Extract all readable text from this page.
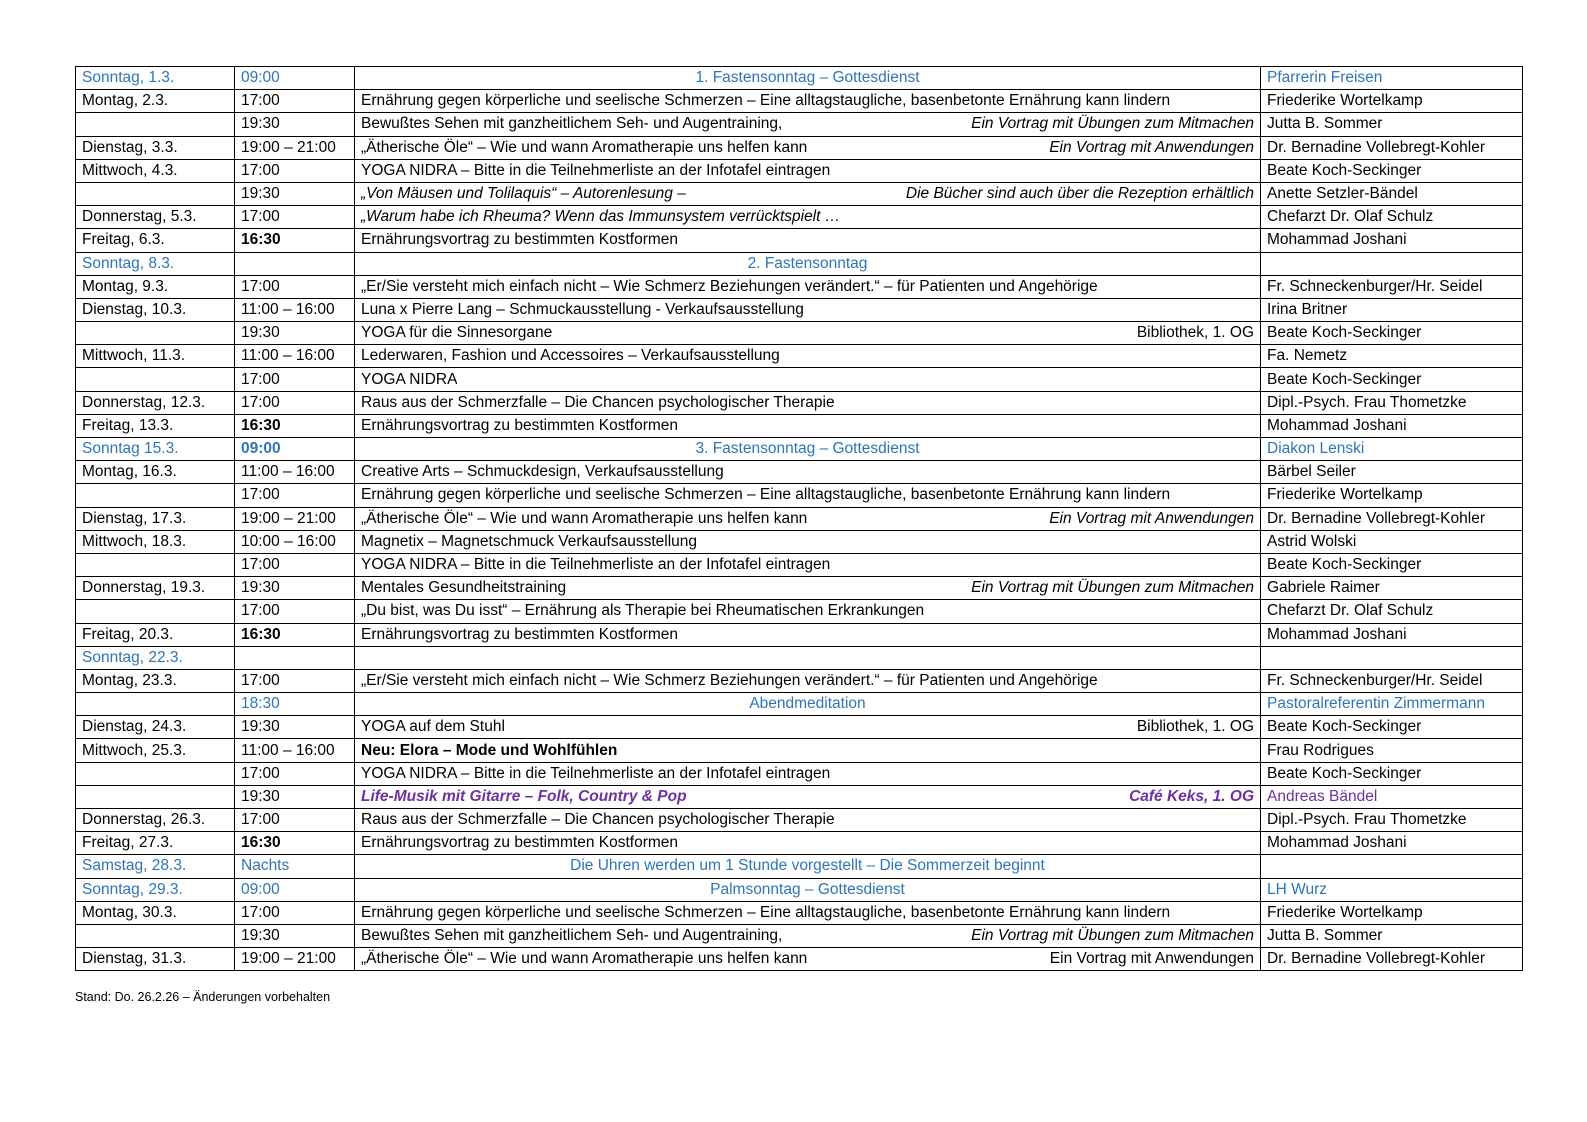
Sonntag, 1.3.	09:00	1. Fastensonntag – Gottesdienst	Pfarrerin Freisen
Montag, 2.3.	17:00	Ernährung gegen körperliche und seelische Schmerzen – Eine alltagstaugliche, basenbetonte Ernährung kann lindern	Friederike Wortelkamp
	19:30	Bewußtes Sehen mit ganzheitlichem Seh- und Augentraining, Ein Vortrag mit Übungen zum Mitmachen	Jutta B. Sommer
Dienstag, 3.3.	19:00 – 21:00	„Ätherische Öle“ – Wie und wann Aromatherapie uns helfen kann Ein Vortrag mit Anwendungen	Dr. Bernadine Vollebregt-Kohler
Mittwoch, 4.3.	17:00	YOGA NIDRA – Bitte in die Teilnehmerliste an der Infotafel eintragen	Beate Koch-Seckinger
	19:30	„Von Mäusen und Tolilaquis“ – Autorenlesung – Die Bücher sind auch über die Rezeption erhältlich	Anette Setzler-Bändel
Donnerstag, 5.3.	17:00	„Warum habe ich Rheuma? Wenn das Immunsystem verrücktspielt …	Chefarzt Dr. Olaf Schulz
Freitag, 6.3.	16:30	Ernährungsvortrag zu bestimmten Kostformen	Mohammad Joshani
Sonntag, 8.3.		2. Fastensonntag	
Montag, 9.3.	17:00	„Er/Sie versteht mich einfach nicht – Wie Schmerz Beziehungen verändert.“ – für Patienten und Angehörige	Fr. Schneckenburger/Hr. Seidel
Dienstag, 10.3.	11:00 – 16:00	Luna x Pierre Lang – Schmuckausstellung - Verkaufsausstellung	Irina Britner
	19:30	YOGA für die Sinnesorgane Bibliothek, 1. OG	Beate Koch-Seckinger
Mittwoch, 11.3.	11:00 – 16:00	Lederwaren, Fashion und Accessoires – Verkaufsausstellung	Fa. Nemetz
	17:00	YOGA NIDRA	Beate Koch-Seckinger
Donnerstag, 12.3.	17:00	Raus aus der Schmerzfalle – Die Chancen psychologischer Therapie	Dipl.-Psych. Frau Thometzke
Freitag, 13.3.	16:30	Ernährungsvortrag zu bestimmten Kostformen	Mohammad Joshani
Sonntag 15.3.	09:00	3. Fastensonntag – Gottesdienst	Diakon Lenski
Montag, 16.3.	11:00 – 16:00	Creative Arts – Schmuckdesign, Verkaufsausstellung	Bärbel Seiler
	17:00	Ernährung gegen körperliche und seelische Schmerzen – Eine alltagstaugliche, basenbetonte Ernährung kann lindern	Friederike Wortelkamp
Dienstag, 17.3.	19:00 – 21:00	„Ätherische Öle“ – Wie und wann Aromatherapie uns helfen kann Ein Vortrag mit Anwendungen	Dr. Bernadine Vollebregt-Kohler
Mittwoch, 18.3.	10:00 – 16:00	Magnetix – Magnetschmuck Verkaufsausstellung	Astrid Wolski
	17:00	YOGA NIDRA – Bitte in die Teilnehmerliste an der Infotafel eintragen	Beate Koch-Seckinger
Donnerstag, 19.3.	19:30	Mentales Gesundheitstraining Ein Vortrag mit Übungen zum Mitmachen	Gabriele Raimer
	17:00	„Du bist, was Du isst“ – Ernährung als Therapie bei Rheumatischen Erkrankungen	Chefarzt Dr. Olaf Schulz
Freitag, 20.3.	16:30	Ernährungsvortrag zu bestimmten Kostformen	Mohammad Joshani
Sonntag, 22.3.			
Montag, 23.3.	17:00	„Er/Sie versteht mich einfach nicht – Wie Schmerz Beziehungen verändert.“ – für Patienten und Angehörige	Fr. Schneckenburger/Hr. Seidel
	18:30	Abendmeditation	Pastoralreferentin Zimmermann
Dienstag, 24.3.	19:30	YOGA auf dem Stuhl Bibliothek, 1. OG	Beate Koch-Seckinger
Mittwoch, 25.3.	11:00 – 16:00	Neu: Elora – Mode und Wohlfühlen	Frau Rodrigues
	17:00	YOGA NIDRA – Bitte in die Teilnehmerliste an der Infotafel eintragen	Beate Koch-Seckinger
	19:30	Life-Musik mit Gitarre – Folk, Country & Pop Café Keks, 1. OG	Andreas Bändel
Donnerstag, 26.3.	17:00	Raus aus der Schmerzfalle – Die Chancen psychologischer Therapie	Dipl.-Psych. Frau Thometzke
Freitag, 27.3.	16:30	Ernährungsvortrag zu bestimmten Kostformen	Mohammad Joshani
Samstag, 28.3.	Nachts	Die Uhren werden um 1 Stunde vorgestellt – Die Sommerzeit beginnt	
Sonntag, 29.3.	09:00	Palmsonntag – Gottesdienst	LH Wurz
Montag, 30.3.	17:00	Ernährung gegen körperliche und seelische Schmerzen – Eine alltagstaugliche, basenbetonte Ernährung kann lindern	Friederike Wortelkamp
	19:30	Bewußtes Sehen mit ganzheitlichem Seh- und Augentraining, Ein Vortrag mit Übungen zum Mitmachen	Jutta B. Sommer
Dienstag, 31.3.	19:00 – 21:00	„Ätherische Öle“ – Wie und wann Aromatherapie uns helfen kann Ein Vortrag mit Anwendungen	Dr. Bernadine Vollebregt-Kohler
Stand: Do. 26.2.26 – Änderungen vorbehalten
